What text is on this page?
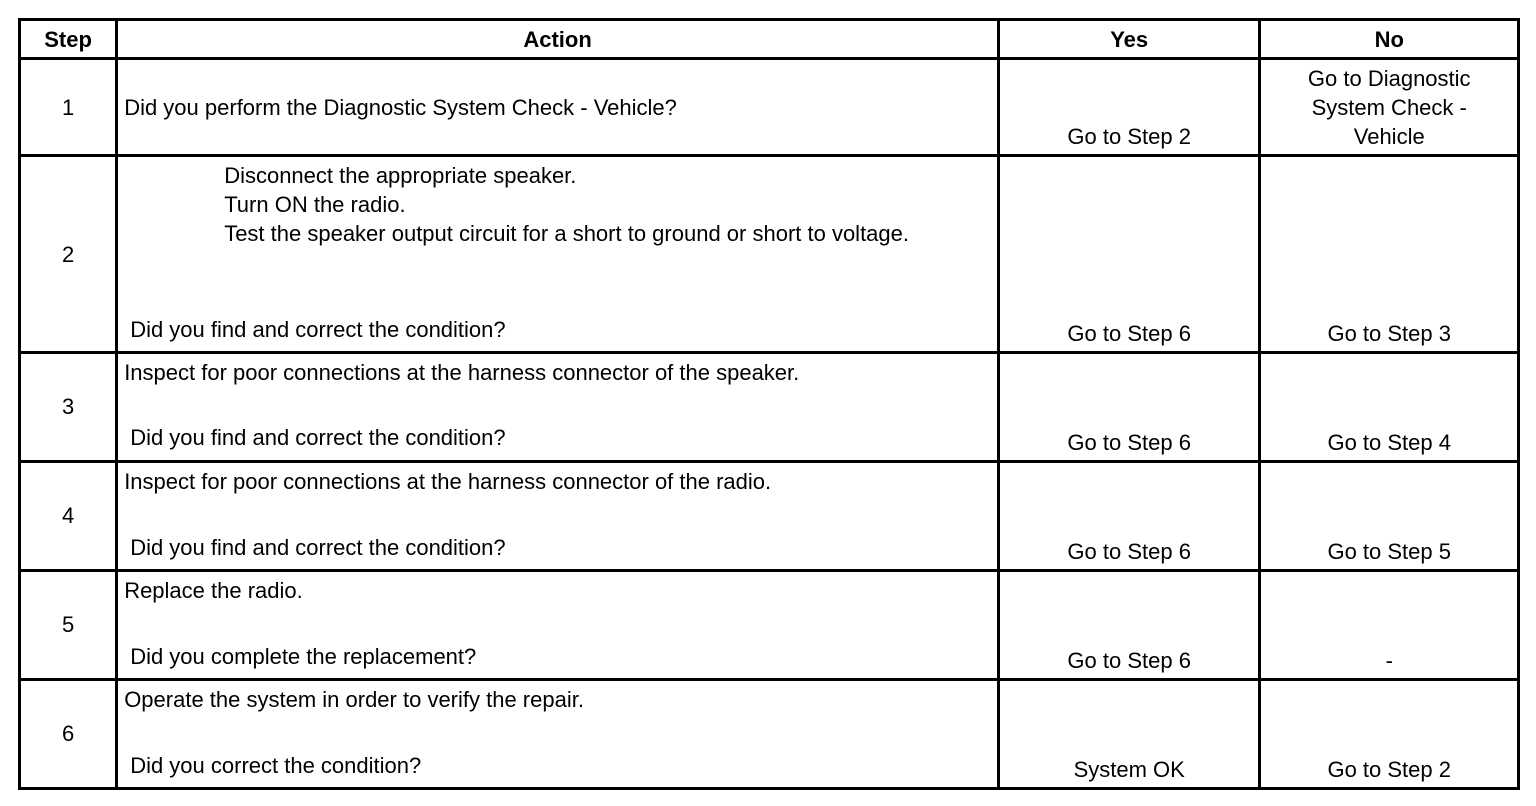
Step	Action	Yes	No
1	Did you perform the Diagnostic System Check - Vehicle?	Go to Step 2	Go to Diagnostic System Check - Vehicle
2	Disconnect the appropriate speaker.
Turn ON the radio.
Test the speaker output circuit for a short to ground or short to voltage.
Did you find and correct the condition?	Go to Step 6	Go to Step 3
3	Inspect for poor connections at the harness connector of the speaker.
Did you find and correct the condition?	Go to Step 6	Go to Step 4
4	Inspect for poor connections at the harness connector of the radio.
Did you find and correct the condition?	Go to Step 6	Go to Step 5
5	Replace the radio.
Did you complete the replacement?	Go to Step 6	-
6	Operate the system in order to verify the repair.
Did you correct the condition?	System OK	Go to Step 2
